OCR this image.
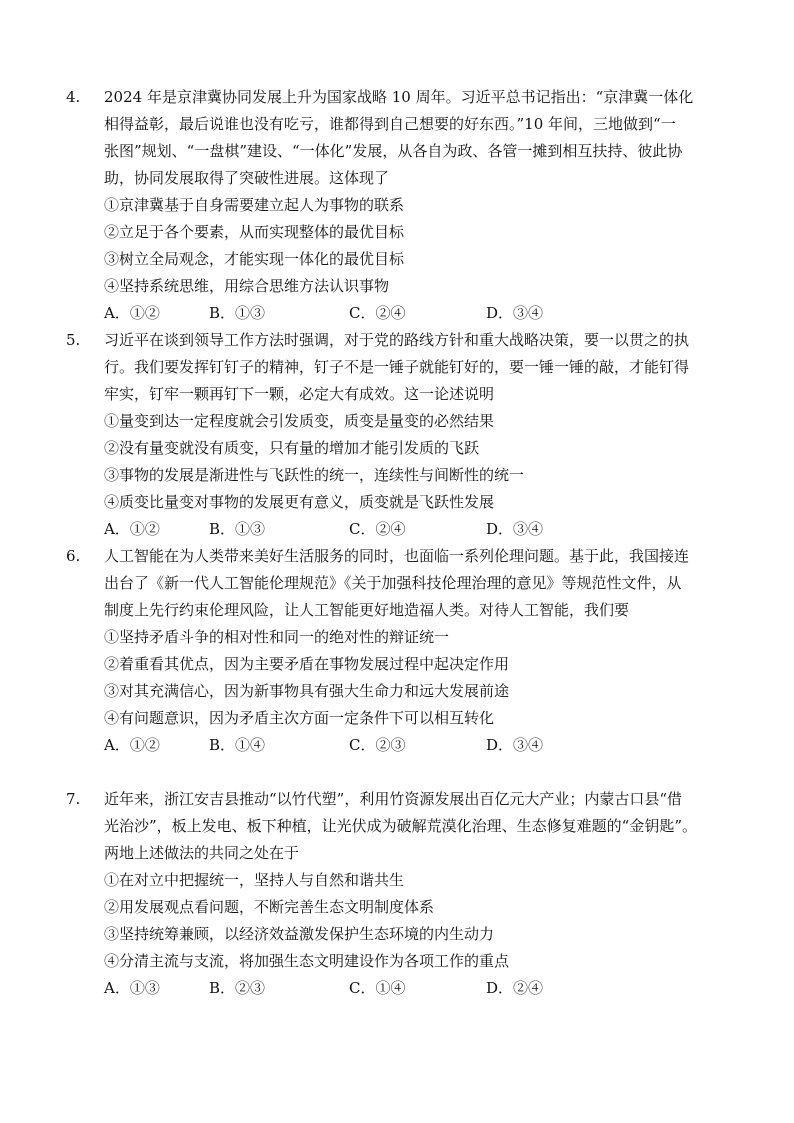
4.	2024 年是京津冀协同发展上升为国家战略 10 周年。习近平总书记指出：“京津冀一体化
相得益彰，最后说谁也没有吃亏，谁都得到自己想要的好东西。”10 年间，三地做到“一
张图”规划、“一盘棋”建设、“一体化”发展，从各自为政、各管一摊到相互扶持、彼此协
助，协同发展取得了突破性进展。这体现了
①京津冀基于自身需要建立起人为事物的联系
②立足于各个要素，从而实现整体的最优目标
③树立全局观念，才能实现一体化的最优目标
④坚持系统思维，用综合思维方法认识事物
A．①②	B．①③	C．②④	D．③④
5.	习近平在谈到领导工作方法时强调，对于党的路线方针和重大战略决策，要一以贯之的执
行。我们要发挥钉钉子的精神，钉子不是一锤子就能钉好的，要一锤一锤的敲，才能钉得
牢实，钉牢一颗再钉下一颗，必定大有成效。这一论述说明
①量变到达一定程度就会引发质变，质变是量变的必然结果
②没有量变就没有质变，只有量的增加才能引发质的飞跃
③事物的发展是渐进性与飞跃性的统一，连续性与间断性的统一
④质变比量变对事物的发展更有意义，质变就是飞跃性发展
A．①②	B．①③	C．②④	D．③④
6.	人工智能在为人类带来美好生活服务的同时，也面临一系列伦理问题。基于此，我国接连
出台了《新一代人工智能伦理规范》《关于加强科技伦理治理的意见》等规范性文件，从
制度上先行约束伦理风险，让人工智能更好地造福人类。对待人工智能，我们要
①坚持矛盾斗争的相对性和同一的绝对性的辩证统一
②着重看其优点，因为主要矛盾在事物发展过程中起决定作用
③对其充满信心，因为新事物具有强大生命力和远大发展前途
④有问题意识，因为矛盾主次方面一定条件下可以相互转化
A．①②	B．①④	C．②③	D．③④
7.	近年来，浙江安吉县推动“以竹代塑”，利用竹资源发展出百亿元大产业；内蒙古口县“借
光治沙”，板上发电、板下种植，让光伏成为破解荒漠化治理、生态修复难题的“金钥匙”。
两地上述做法的共同之处在于
①在对立中把握统一，坚持人与自然和谐共生
②用发展观点看问题，不断完善生态文明制度体系
③坚持统筹兼顾，以经济效益激发保护生态环境的内生动力
④分清主流与支流，将加强生态文明建设作为各项工作的重点
A．①③	B．②③	C．①④	D．②④
